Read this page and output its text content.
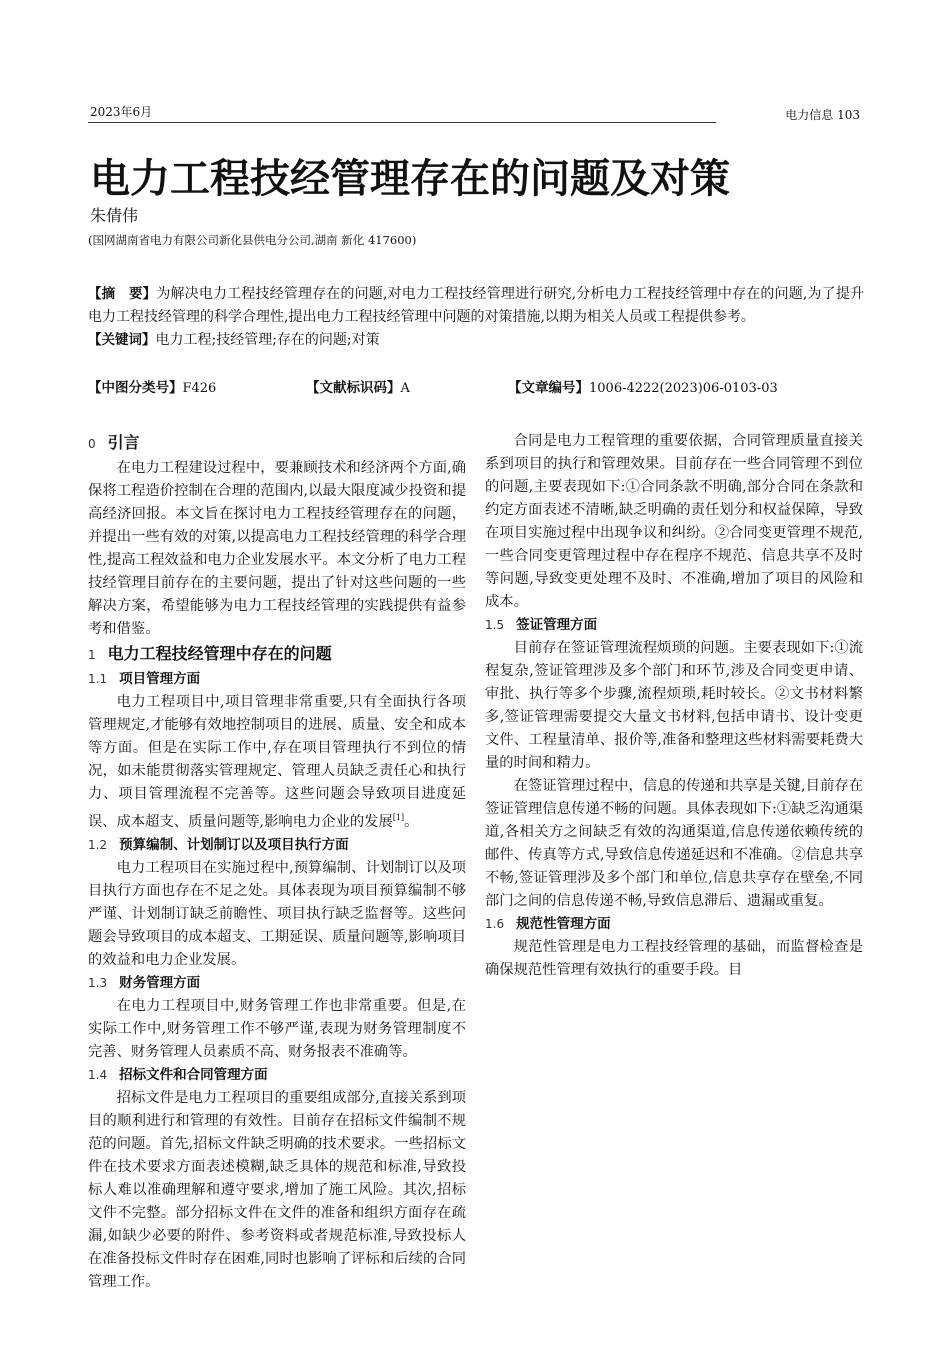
2023年6月	电力信息 103
电力工程技经管理存在的问题及对策
朱倩伟
(国网湖南省电力有限公司新化县供电分公司,湖南 新化 417600)
【摘　要】为解决电力工程技经管理存在的问题,对电力工程技经管理进行研究,分析电力工程技经管理中存在的问题,为了提升电力工程技经管理的科学合理性,提出电力工程技经管理中问题的对策措施,以期为相关人员或工程提供参考。
【关键词】电力工程;技经管理;存在的问题;对策
【中图分类号】F426	【文献标识码】A	【文章编号】1006-4222(2023)06-0103-03
0 引言

在电力工程建设过程中，要兼顾技术和经济两个方面,确保将工程造价控制在合理的范围内,以最大限度减少投资和提高经济回报。本文旨在探讨电力工程技经管理存在的问题，并提出一些有效的对策,以提高电力工程技经管理的科学合理性,提高工程效益和电力企业发展水平。本文分析了电力工程技经管理目前存在的主要问题，提出了针对这些问题的一些解决方案，希望能够为电力工程技经管理的实践提供有益参考和借鉴。

1 电力工程技经管理中存在的问题
1.1 项目管理方面

电力工程项目中,项目管理非常重要,只有全面执行各项管理规定,才能够有效地控制项目的进展、质量、安全和成本等方面。但是在实际工作中,存在项目管理执行不到位的情况，如未能贯彻落实管理规定、管理人员缺乏责任心和执行力、项目管理流程不完善等。这些问题会导致项目进度延误、成本超支、质量问题等,影响电力企业的发展[1]。

1.2 预算编制、计划制订以及项目执行方面

电力工程项目在实施过程中,预算编制、计划制订以及项目执行方面也存在不足之处。具体表现为项目预算编制不够严谨、计划制订缺乏前瞻性、项目执行缺乏监督等。这些问题会导致项目的成本超支、工期延误、质量问题等,影响项目的效益和电力企业发展。

1.3 财务管理方面

在电力工程项目中,财务管理工作也非常重要。但是,在实际工作中,财务管理工作不够严谨,表现为财务管理制度不完善、财务管理人员素质不高、财务报表不准确等。

1.4 招标文件和合同管理方面

招标文件是电力工程项目的重要组成部分,直接关系到项目的顺利进行和管理的有效性。目前存在招标文件编制不规范的问题。首先,招标文件缺乏明确的技术要求。一些招标文件在技术要求方面表述模糊,缺乏具体的规范和标准,导致投标人难以准确理解和遵守要求,增加了施工风险。其次,招标文件不完整。部分招标文件在文件的准备和组织方面存在疏漏,如缺少必要的附件、参考资料或者规范标准,导致投标人在准备投标文件时存在困难,同时也影响了评标和后续的合同管理工作。

合同是电力工程管理的重要依据，合同管理质量直接关系到项目的执行和管理效果。目前存在一些合同管理不到位的问题,主要表现如下:①合同条款不明确,部分合同在条款和约定方面表述不清晰,缺乏明确的责任划分和权益保障，导致在项目实施过程中出现争议和纠纷。②合同变更管理不规范,一些合同变更管理过程中存在程序不规范、信息共享不及时等问题,导致变更处理不及时、不准确,增加了项目的风险和成本。

1.5 签证管理方面

目前存在签证管理流程烦琐的问题。主要表现如下:①流程复杂,签证管理涉及多个部门和环节,涉及合同变更申请、审批、执行等多个步骤,流程烦琐,耗时较长。②文书材料繁多,签证管理需要提交大量文书材料,包括申请书、设计变更文件、工程量清单、报价等,准备和整理这些材料需要耗费大量的时间和精力。

在签证管理过程中，信息的传递和共享是关键,目前存在签证管理信息传递不畅的问题。具体表现如下:①缺乏沟通渠道,各相关方之间缺乏有效的沟通渠道,信息传递依赖传统的邮件、传真等方式,导致信息传递延迟和不准确。②信息共享不畅,签证管理涉及多个部门和单位,信息共享存在壁垒,不同部门之间的信息传递不畅,导致信息滞后、遗漏或重复。

1.6 规范性管理方面

规范性管理是电力工程技经管理的基础，而监督检查是确保规范性管理有效执行的重要手段。目
